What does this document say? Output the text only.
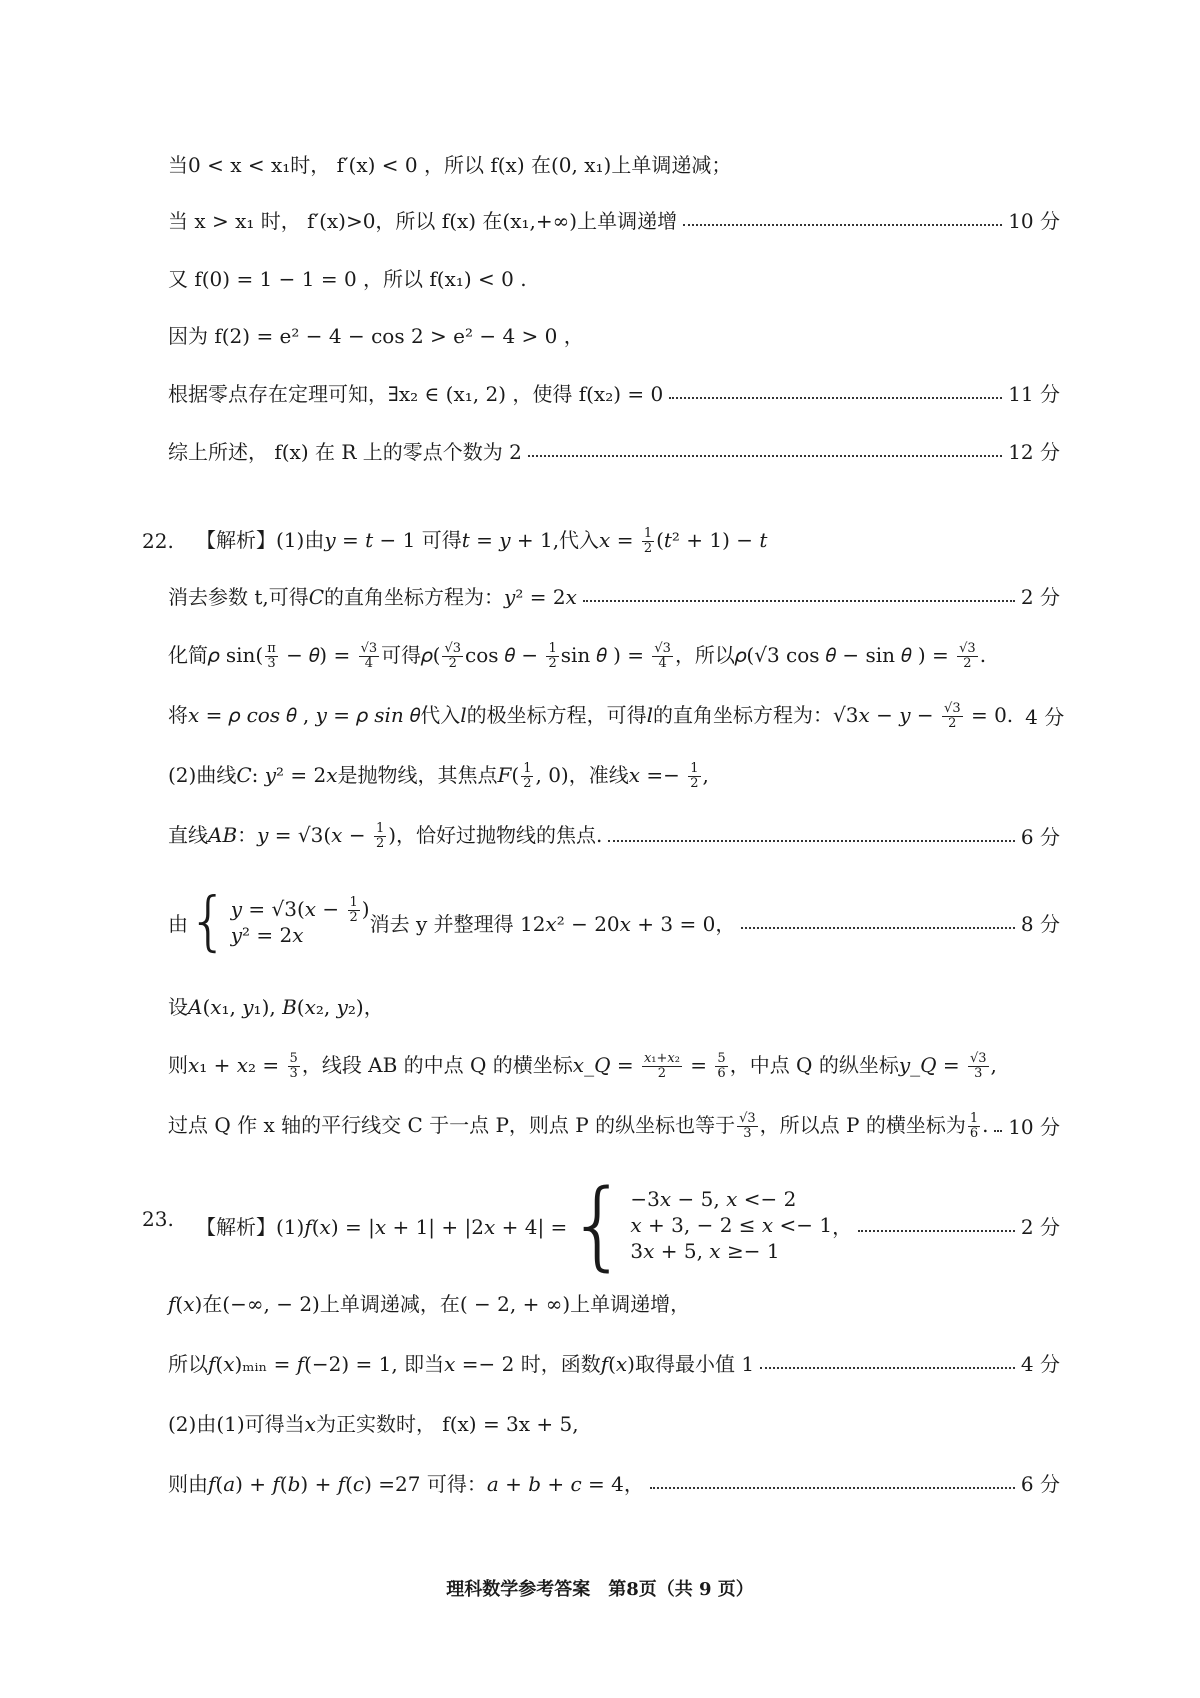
当0 < x < x₁时， f′(x) < 0 ，所以 f(x) 在(0, x₁)上单调递减；
当 x > x₁ 时， f′(x)>0，所以 f(x) 在(x₁,+∞)上单调递增	10 分
又 f(0) = 1 − 1 = 0 ，所以 f(x₁) < 0 .
因为 f(2) = e² − 4 − cos 2 > e² − 4 > 0 ，
根据零点存在定理可知，∃x₂ ∈ (x₁, 2) ，使得 f(x₂) = 0	11 分
综上所述， f(x) 在 R 上的零点个数为 2	12 分
22. 【解析】(1)由𝑦 = 𝑡 − 1 可得𝑡 = 𝑦 + 1,代入𝑥 = $\frac{1}{2}$ (𝑡² + 1) − 𝑡
消去参数 t,可得𝐶的直角坐标方程为：𝑦² = 2𝑥	2 分
化简𝜌 $\sin( \frac{\pi}{3}$ − 𝜃) = $\frac{√3}{4}$ 可得𝜌( $\frac{√3}{2}$ cos 𝜃 − $\frac{1}{2}$ sin 𝜃 ) = $\frac{√3}{4}$ ，所以𝜌(√3 cos 𝜃 − sin 𝜃 ) = $\frac{√3}{2}$ .
将𝑥 = 𝜌 𝑐𝑜𝑠 𝜃 , 𝑦 = 𝜌 𝑠𝑖𝑛 𝜃代入𝑙的极坐标方程，可得𝑙的直角坐标方程为：√3𝑥 − 𝑦 − $\frac{√3}{2} = 0$. 4 分
(2)曲线𝐶: 𝑦² = 2𝑥是抛物线，其焦点𝐹( $\frac{1}{2}$ , 0)，准线𝑥 =− $\frac{1}{2}$ ,
直线𝐴𝐵：𝑦 = √3(𝑥 − $\frac{1}{2}$ )，恰好过抛物线的焦点.	6 分
由 { 𝑦 = √3(𝑥 − $\frac{1}{2}$ )
𝑦² = 2𝑥	消去 y 并整理得 12𝑥² − 20𝑥 + 3 = 0，	8 分
设𝐴(𝑥₁, 𝑦₁), 𝐵(𝑥₂, 𝑦₂)，
则𝑥₁ + 𝑥₂ = $\frac{5}{3}$ ，线段 AB 的中点 Q 的横坐标𝑥_𝑄 = $\frac{\text{𝑥₁+𝑥₂}}{2} = \frac{5}{6}$ ，中点 Q 的纵坐标𝑦_𝑄 = $\frac{√3}{3}$ ,
过点 Q 作 x 轴的平行线交 C 于一点 P，则点 P 的纵坐标也等于 $\frac{√3}{3}$ ，所以点 P 的横坐标为 $\frac{1}{6}$ . 10 分
23. 【解析】(1)𝑓(𝑥) = |𝑥 + 1| + |2𝑥 + 4| = { −3𝑥 − 5, 𝑥 <− 2
𝑥 + 3, − 2 ≤ 𝑥 <− 1
3𝑥 + 5, 𝑥 ≥− 1
，	2 分
𝑓(𝑥)在(−∞, − 2)上单调递减，在( − 2, + ∞)上单调递增，
所以𝑓(𝑥)ₘᵢₙ = 𝑓(−2) = 1, 即当𝑥 =− 2 时，函数𝑓(𝑥)取得最小值 1	4 分
(2)由(1)可得当𝑥为正实数时， f(x) = 3x + 5,
则由𝑓(𝑎) + 𝑓(𝑏) + 𝑓(𝑐) =27 可得：𝑎 + 𝑏 + 𝑐 = 4，	6 分
理科数学参考答案　第8页（共 9 页）
